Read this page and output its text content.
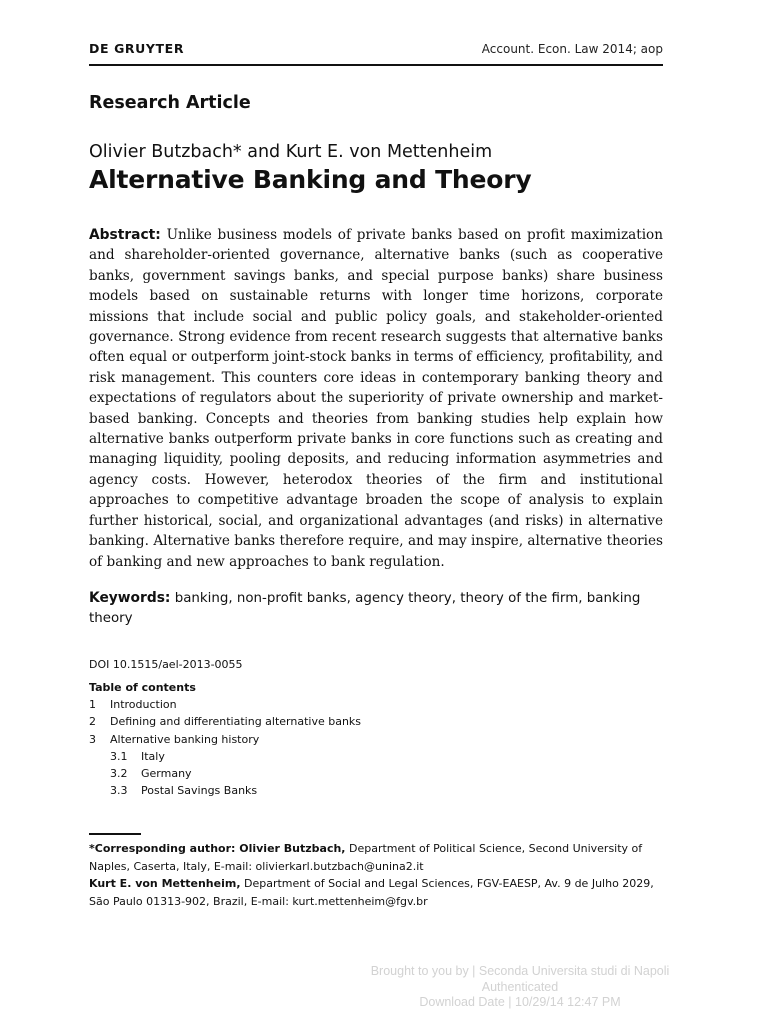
DE GRUYTER	Account. Econ. Law 2014; aop
Research Article
Olivier Butzbach* and Kurt E. von Mettenheim
Alternative Banking and Theory

Abstract: Unlike business models of private banks based on profit maximization and shareholder-oriented governance, alternative banks (such as cooperative banks, government savings banks, and special purpose banks) share business models based on sustainable returns with longer time horizons, corporate missions that include social and public policy goals, and stakeholder-oriented governance. Strong evidence from recent research suggests that alternative banks often equal or outperform joint-stock banks in terms of efficiency, profitability, and risk management. This counters core ideas in contemporary banking theory and expectations of regulators about the superiority of private ownership and market-based banking. Concepts and theories from banking studies help explain how alternative banks outperform private banks in core functions such as creating and managing liquidity, pooling deposits, and reducing information asymmetries and agency costs. However, heterodox theories of the firm and institutional approaches to competitive advantage broaden the scope of analysis to explain further historical, social, and organizational advantages (and risks) in alternative banking. Alternative banks therefore require, and may inspire, alternative theories of banking and new approaches to bank regulation.

Keywords: banking, non-profit banks, agency theory, theory of the firm, banking theory

DOI 10.1515/ael-2013-0055
Table of contents
1	Introduction
2	Defining and differentiating alternative banks
3	Alternative banking history
3.1	Italy
3.2	Germany
3.3	Postal Savings Banks

*Corresponding author: Olivier Butzbach, Department of Political Science, Second University of Naples, Caserta, Italy, E-mail: olivierkarl.butzbach@unina2.it

Kurt E. von Mettenheim, Department of Social and Legal Sciences, FGV-EAESP, Av. 9 de Julho 2029, São Paulo 01313-902, Brazil, E-mail: kurt.mettenheim@fgv.br

Brought to you by | Seconda Universita studi di Napoli
Authenticated
Download Date | 10/29/14 12:47 PM
